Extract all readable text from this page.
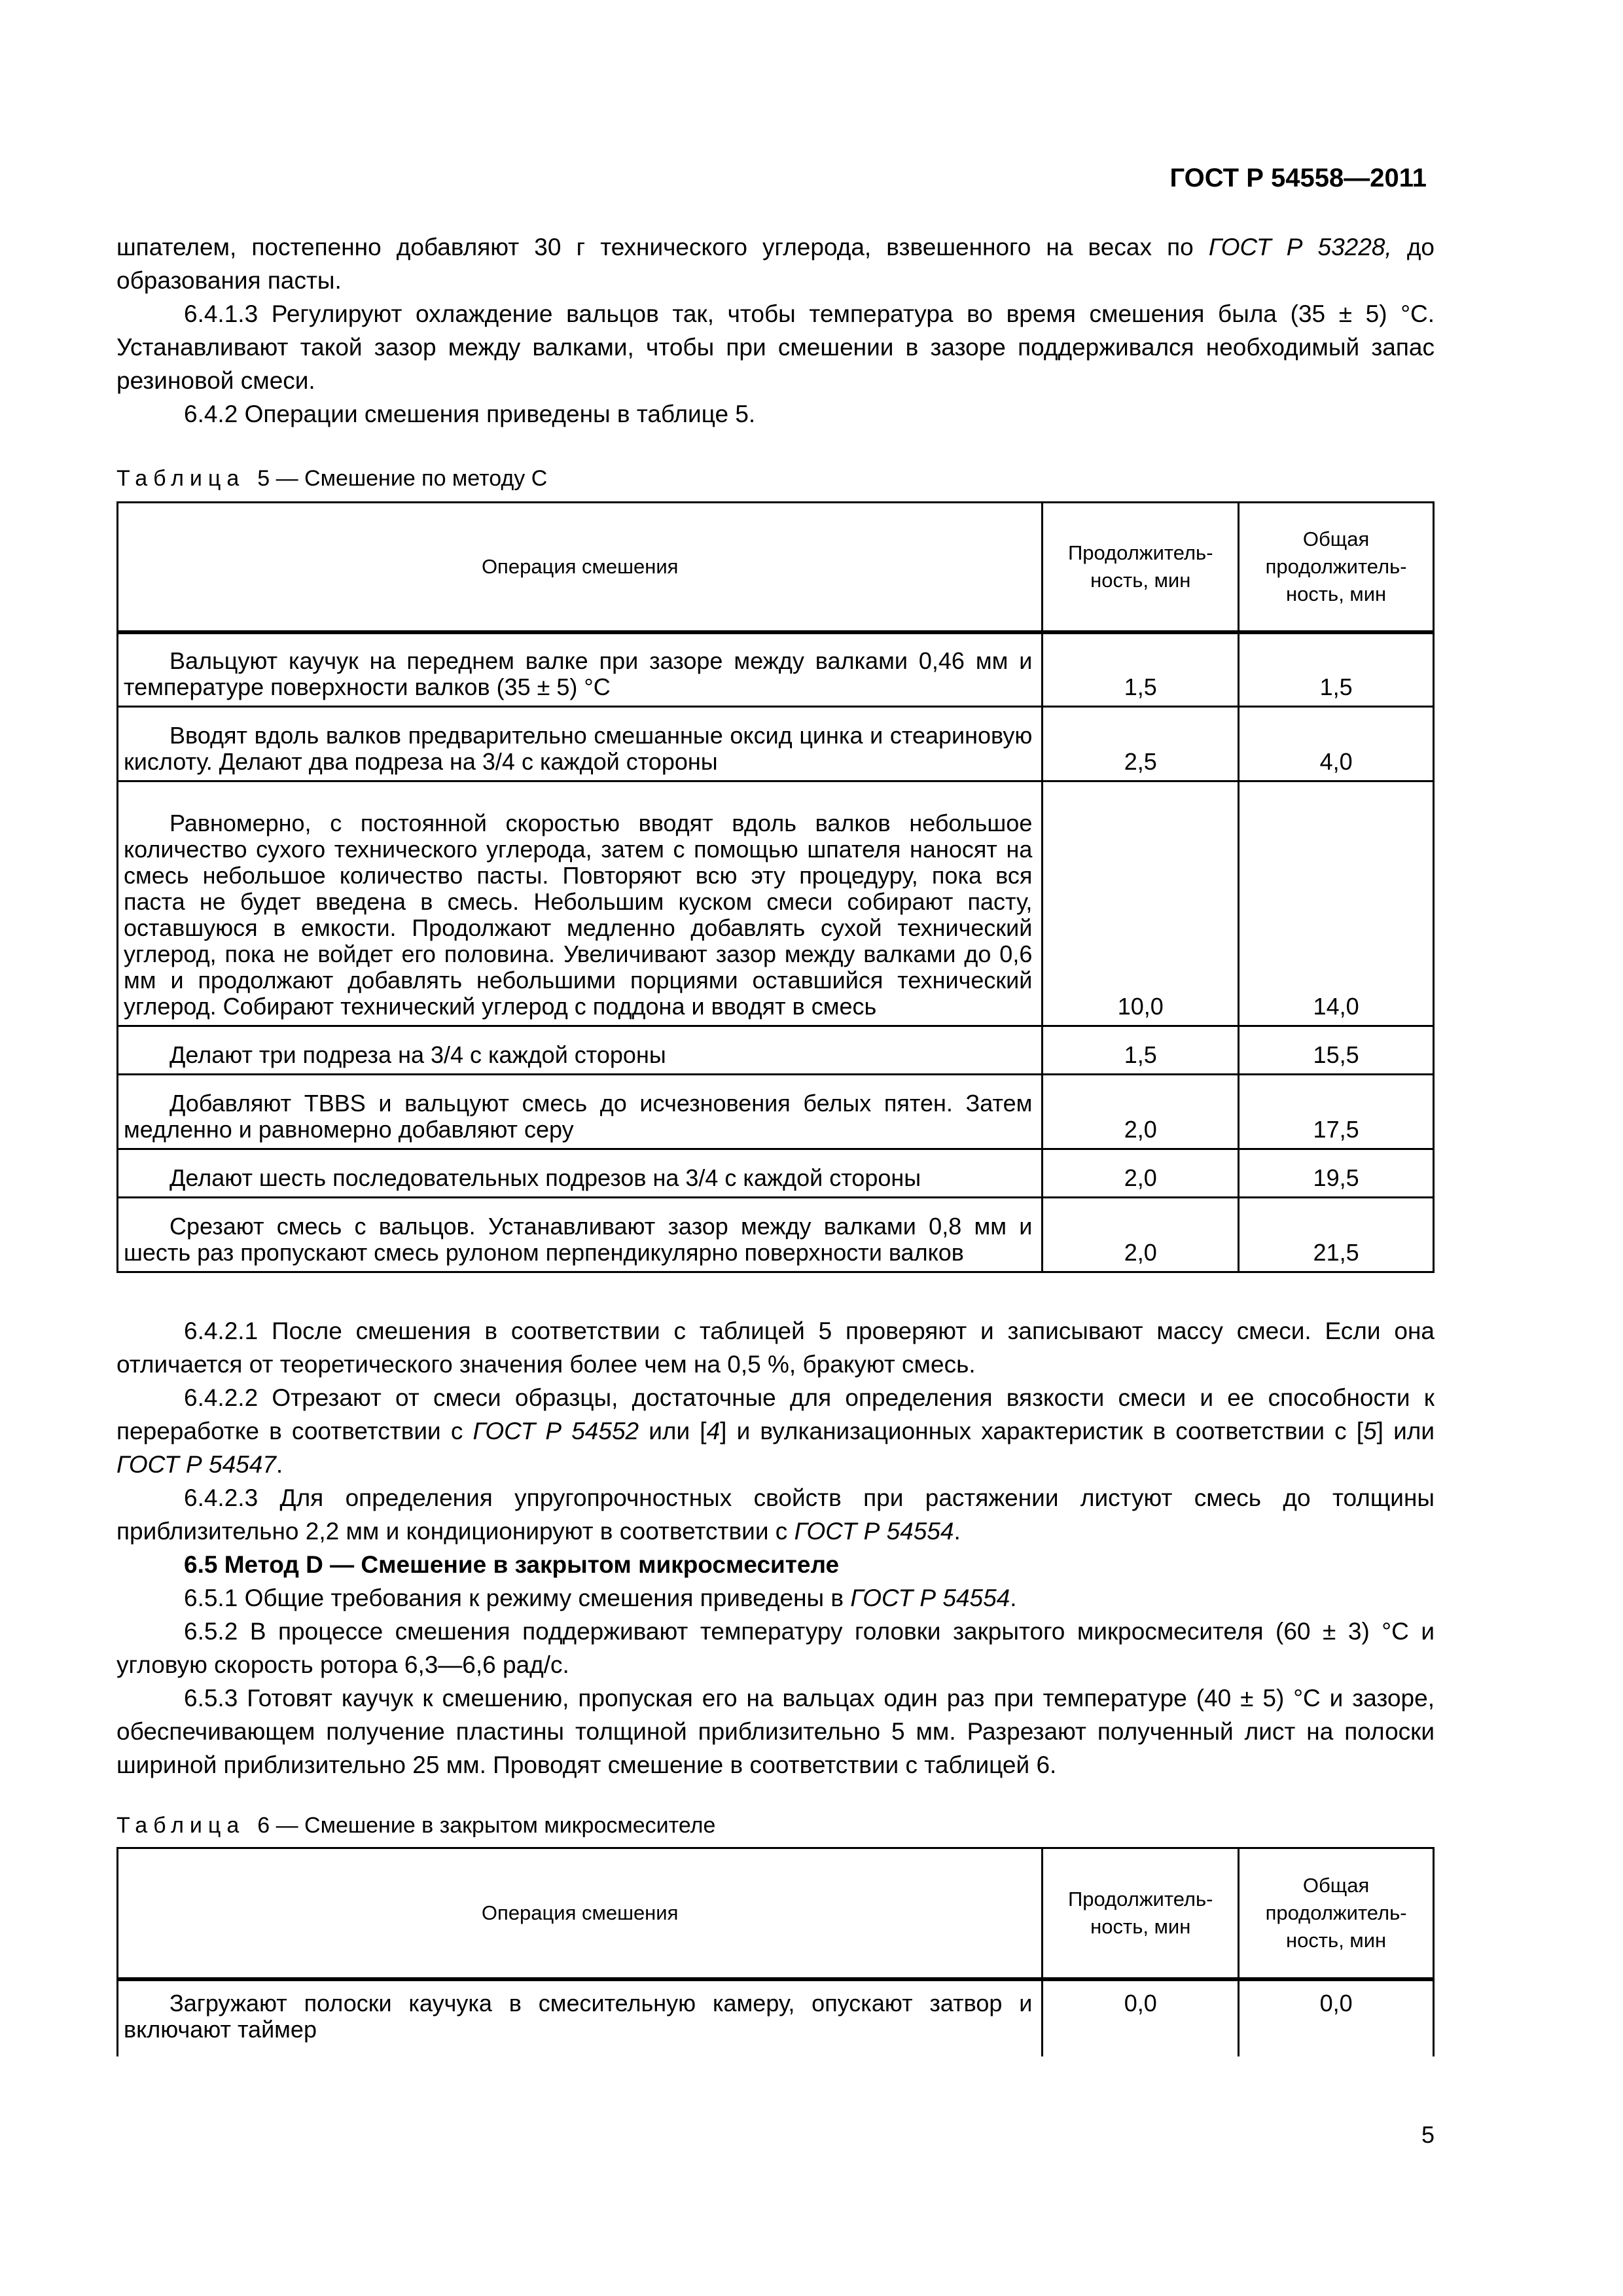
ГОСТ Р 54558—2011

шпателем, постепенно добавляют 30 г технического углерода, взвешенного на весах по ГОСТ Р 53228, до образования пасты.

6.4.1.3 Регулируют охлаждение вальцов так, чтобы температура во время смешения была (35 ± 5) °С. Устанавливают такой зазор между валками, чтобы при смешении в зазоре поддерживался необходимый запас резиновой смеси.

6.4.2 Операции смешения приведены в таблице 5.

Таблица 5 — Смешение по методу С
Операция смешения	Продолжитель-ность, мин	Общая продолжитель-ность, мин

Вальцуют каучук на переднем валке при зазоре между валками 0,46 мм и температуре поверхности валков (35 ± 5) °С	1,5	1,5

Вводят вдоль валков предварительно смешанные оксид цинка и стеариновую кислоту. Делают два подреза на 3/4 с каждой стороны	2,5	4,0

Равномерно, с постоянной скоростью вводят вдоль валков небольшое количество сухого технического углерода, затем с помощью шпателя наносят на смесь небольшое количество пасты. Повторяют всю эту процедуру, пока вся паста не будет введена в смесь. Небольшим куском смеси собирают пасту, оставшуюся в емкости. Продолжают медленно добавлять сухой технический углерод, пока не войдет его половина. Увеличивают зазор между валками до 0,6 мм и продолжают добавлять небольшими порциями оставшийся технический углерод. Собирают технический углерод с поддона и вводят в смесь	10,0	14,0

Делают три подреза на 3/4 с каждой стороны	1,5	15,5

Добавляют TBBS и вальцуют смесь до исчезновения белых пятен. Затем медленно и равномерно добавляют серу	2,0	17,5

Делают шесть последовательных подрезов на 3/4 с каждой стороны	2,0	19,5

Срезают смесь с вальцов. Устанавливают зазор между валками 0,8 мм и шесть раз пропускают смесь рулоном перпендикулярно поверхности валков	2,0	21,5

6.4.2.1 После смешения в соответствии с таблицей 5 проверяют и записывают массу смеси. Если она отличается от теоретического значения более чем на 0,5 %, бракуют смесь.

6.4.2.2 Отрезают от смеси образцы, достаточные для определения вязкости смеси и ее способности к переработке в соответствии с ГОСТ Р 54552 или [4] и вулканизационных характеристик в соответствии с [5] или ГОСТ Р 54547.

6.4.2.3 Для определения упругопрочностных свойств при растяжении листуют смесь до толщины приблизительно 2,2 мм и кондиционируют в соответствии с ГОСТ Р 54554.

6.5 Метод D — Смешение в закрытом микросмесителе

6.5.1 Общие требования к режиму смешения приведены в ГОСТ Р 54554.

6.5.2 В процессе смешения поддерживают температуру головки закрытого микросмесителя (60 ± 3) °С и угловую скорость ротора 6,3—6,6 рад/с.

6.5.3 Готовят каучук к смешению, пропуская его на вальцах один раз при температуре (40 ± 5) °С и зазоре, обеспечивающем получение пластины толщиной приблизительно 5 мм. Разрезают полученный лист на полоски шириной приблизительно 25 мм. Проводят смешение в соответствии с таблицей 6.

Таблица 6 — Смешение в закрытом микросмесителе
Операция смешения	Продолжитель-ность, мин	Общая продолжитель-ность, мин

Загружают полоски каучука в смесительную камеру, опускают затвор и включают таймер	0,0	0,0
5
